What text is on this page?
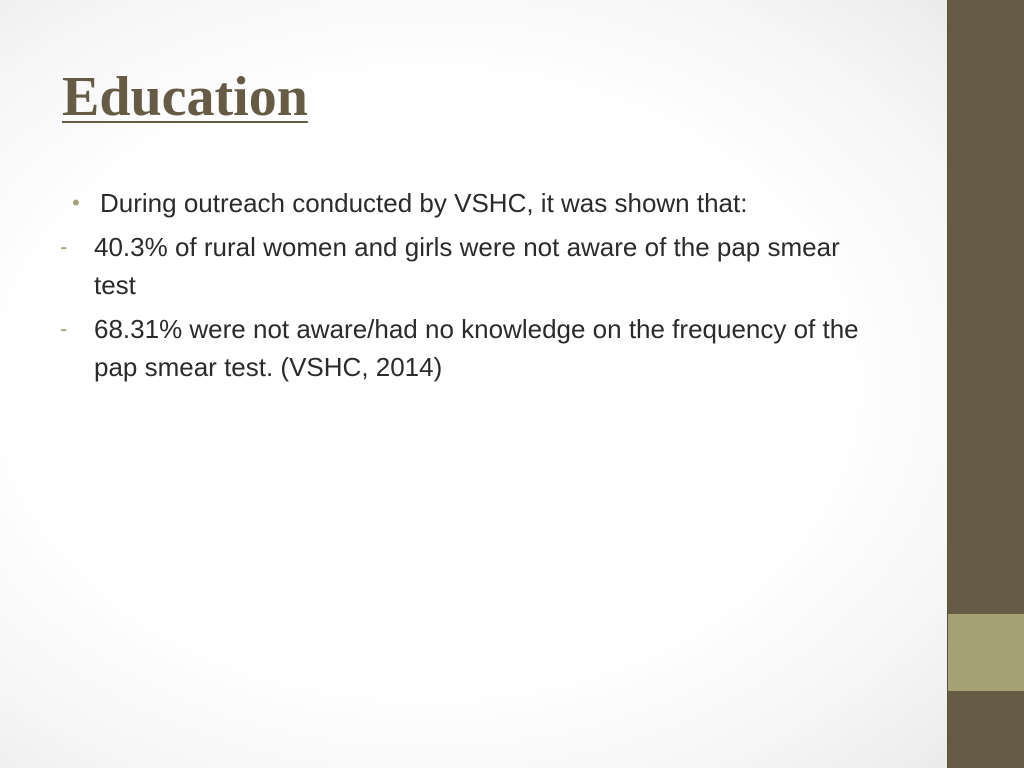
Education

• During outreach conducted by VSHC, it was shown that:

- 40.3% of rural women and girls were not aware of the pap smear test

- 68.31% were not aware/had no knowledge on the frequency of the pap smear test. (VSHC, 2014)
